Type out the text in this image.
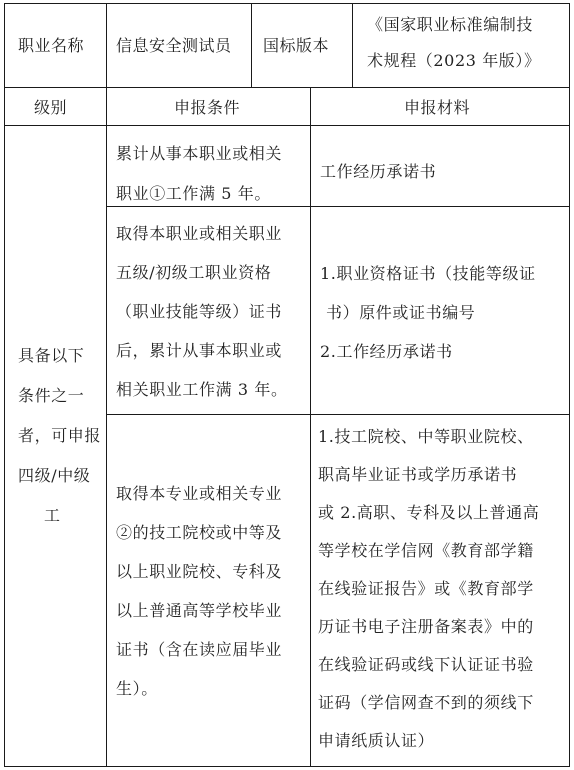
职业名称 信息安全测试员 国标版本
《国家职业标准编制技
术规程（2023 年版）》
级别	申报条件	申报材料
具备以下
条件之一
者，可申报
四级/中级
工
累计从事本职业或相关
职业①工作满 5 年。
工作经历承诺书
取得本职业或相关职业
五级/初级工职业资格
（职业技能等级）证书
后，累计从事本职业或
相关职业工作满 3 年。
1.职业资格证书（技能等级证
书）原件或证书编号
2.工作经历承诺书
取得本专业或相关专业
②的技工院校或中等及
以上职业院校、专科及
以上普通高等学校毕业
证书（含在读应届毕业
生）。
1.技工院校、中等职业院校、
职高毕业证书或学历承诺书
或 2.高职、专科及以上普通高
等学校在学信网《教育部学籍
在线验证报告》或《教育部学
历证书电子注册备案表》中的
在线验证码或线下认证证书验
证码（学信网查不到的须线下
申请纸质认证）
